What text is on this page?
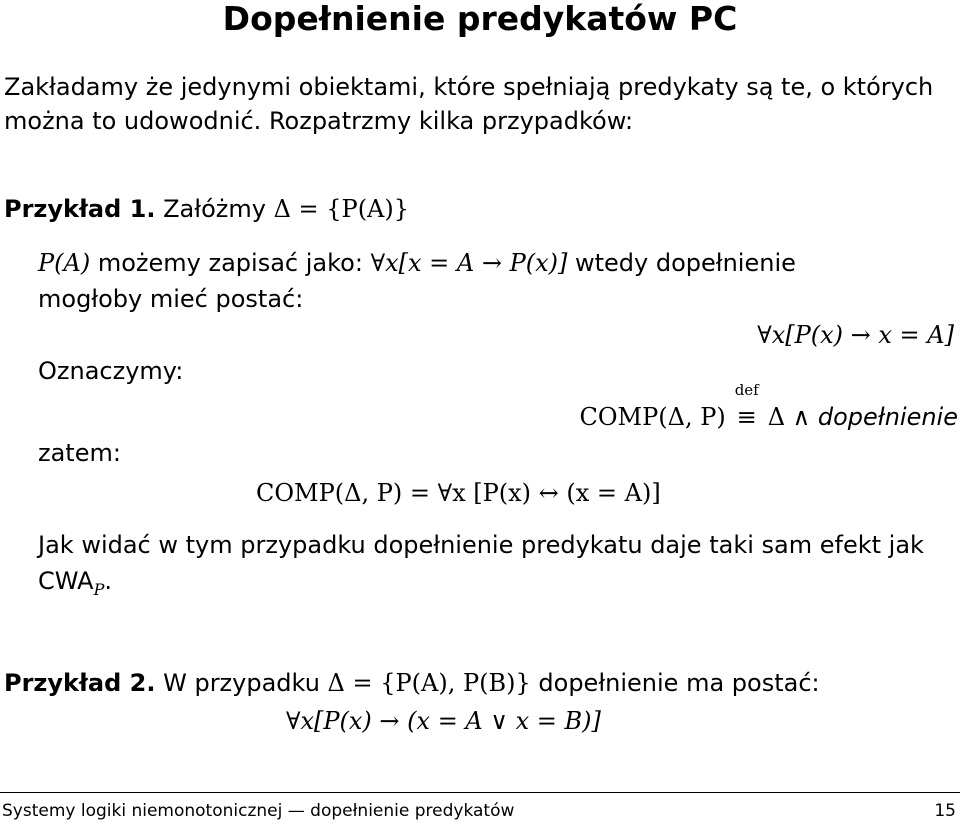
Dopełnienie predykatów PC
Zakładamy że jedynymi obiektami, które spełniają predykaty są te, o których
można to udowodnić. Rozpatrzmy kilka przypadków:
Przykład 1. Załóżmy Δ = {P(A)}
P(A) możemy zapisać jako: ∀x[x = A → P(x)] wtedy dopełnienie
mogłoby mieć postać:
∀x[P(x) → x = A]
Oznaczymy:
COMP(Δ, P)
def
≡ Δ ∧ dopełnienie
zatem:
COMP(Δ, P) = ∀x [P(x) ↔ (x = A)]
Jak widać w tym przypadku dopełnienie predykatu daje taki sam efekt jak
$CWA_P$.
Przykład 2. W przypadku Δ = {P(A), P(B)} dopełnienie ma postać:
∀x[P(x) → (x = A ∨ x = B)]
Systemy logiki niemonotonicznej — dopełnienie predykatów	15
